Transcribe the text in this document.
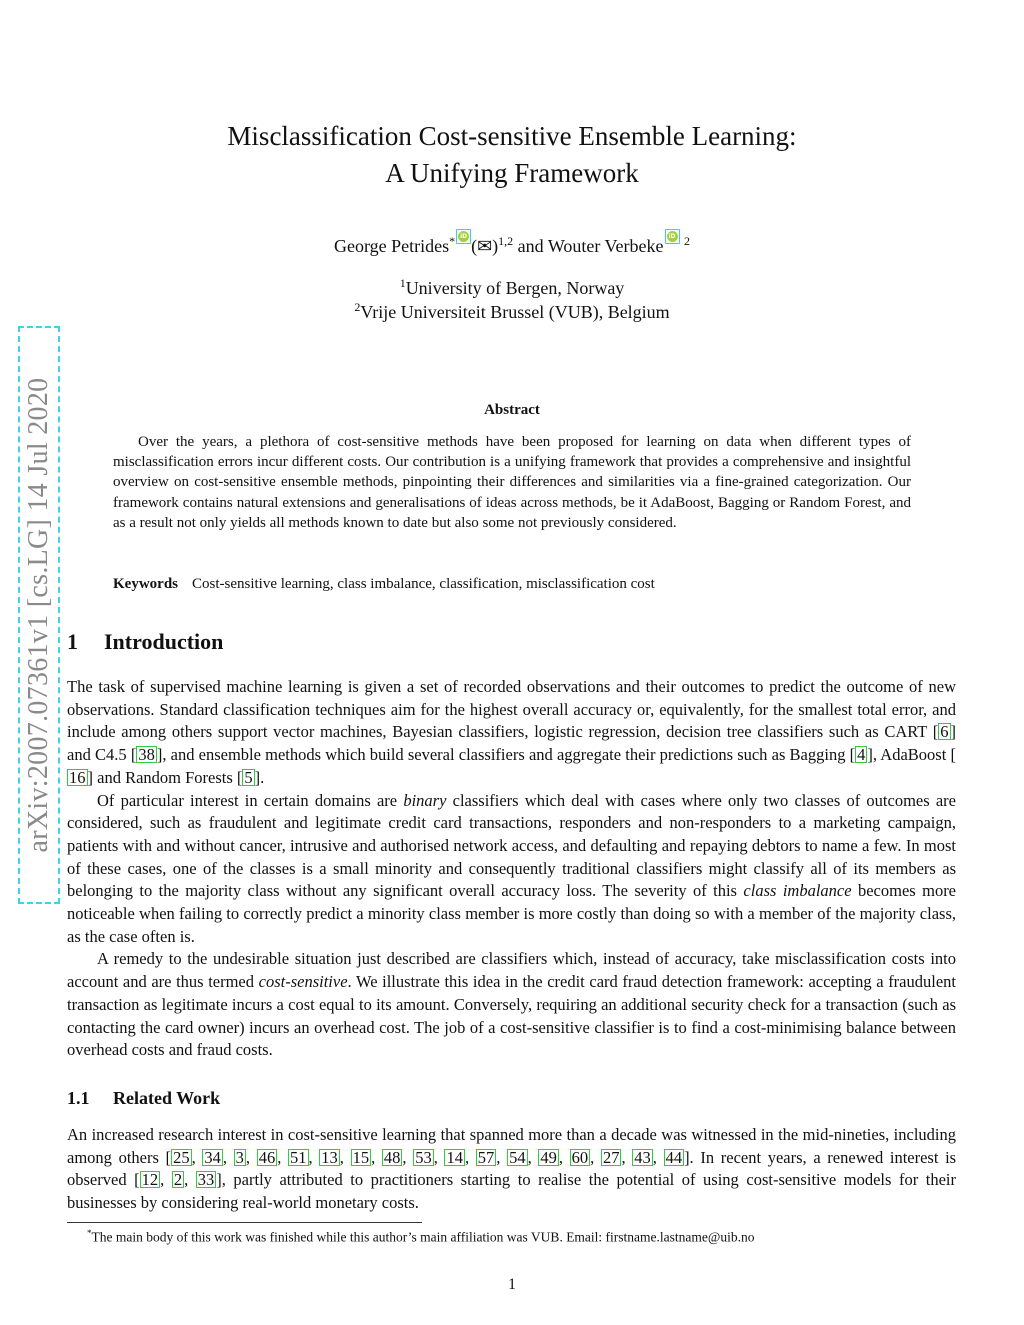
arXiv:2007.07361v1 [cs.LG] 14 Jul 2020
Misclassification Cost-sensitive Ensemble Learning:
A Unifying Framework
George Petrides* iD (✉)$^{1,2}$ and Wouter Verbeke iD $^2$
$^1$University of Bergen, Norway
$^2$Vrije Universiteit Brussel (VUB), Belgium
Abstract
Over the years, a plethora of cost-sensitive methods have been proposed for learning on data when different types of misclassification errors incur different costs. Our contribution is a unifying framework that provides a comprehensive and insightful overview on cost-sensitive ensemble methods, pinpointing their differences and similarities via a fine-grained categorization. Our framework contains natural extensions and generalisations of ideas across methods, be it AdaBoost, Bagging or Random Forest, and as a result not only yields all methods known to date but also some not previously considered.
Keywords Cost-sensitive learning, class imbalance, classification, misclassification cost
1 Introduction

The task of supervised machine learning is given a set of recorded observations and their outcomes to predict the outcome of new observations. Standard classification techniques aim for the highest overall accuracy or, equivalently, for the smallest total error, and include among others support vector machines, Bayesian classifiers, logistic regression, decision tree classifiers such as CART [ 6 ] and C4.5 [ 38 ], and ensemble methods which build several classifiers and aggregate their predictions such as Bagging [ 4 ], AdaBoost [16 ] and Random Forests [ 5 ].

Of particular interest in certain domains are binary classifiers which deal with cases where only two classes of outcomes are considered, such as fraudulent and legitimate credit card transactions, responders and non-responders to a marketing campaign, patients with and without cancer, intrusive and authorised network access, and defaulting and repaying debtors to name a few. In most of these cases, one of the classes is a small minority and consequently traditional classifiers might classify all of its members as belonging to the majority class without any significant overall accuracy loss. The severity of this class imbalance becomes more noticeable when failing to correctly predict a minority class member is more costly than doing so with a member of the majority class, as the case often is.

A remedy to the undesirable situation just described are classifiers which, instead of accuracy, take misclassification costs into account and are thus termed cost-sensitive. We illustrate this idea in the credit card fraud detection framework: accepting a fraudulent transaction as legitimate incurs a cost equal to its amount. Conversely, requiring an additional security check for a transaction (such as contacting the card owner) incurs an overhead cost. The job of a cost-sensitive classifier is to find a cost-minimising balance between overhead costs and fraud costs.

1.1 Related Work

An increased research interest in cost-sensitive learning that spanned more than a decade was witnessed in the mid-nineties, including among others [ 25 , 34 , 3 , 46 , 51 , 13 , 15 , 48 , 53 , 14 , 57 , 54 , 49 , 60 , 27 , 43 , 44 ]. In recent years, a renewed interest is observed [ 12 , 2 , 33 ], partly attributed to practitioners starting to realise the potential of using cost-sensitive models for their businesses by considering real-world monetary costs.

*The main body of this work was finished while this author’s main affiliation was VUB. Email: firstname.lastname@uib.no
1
